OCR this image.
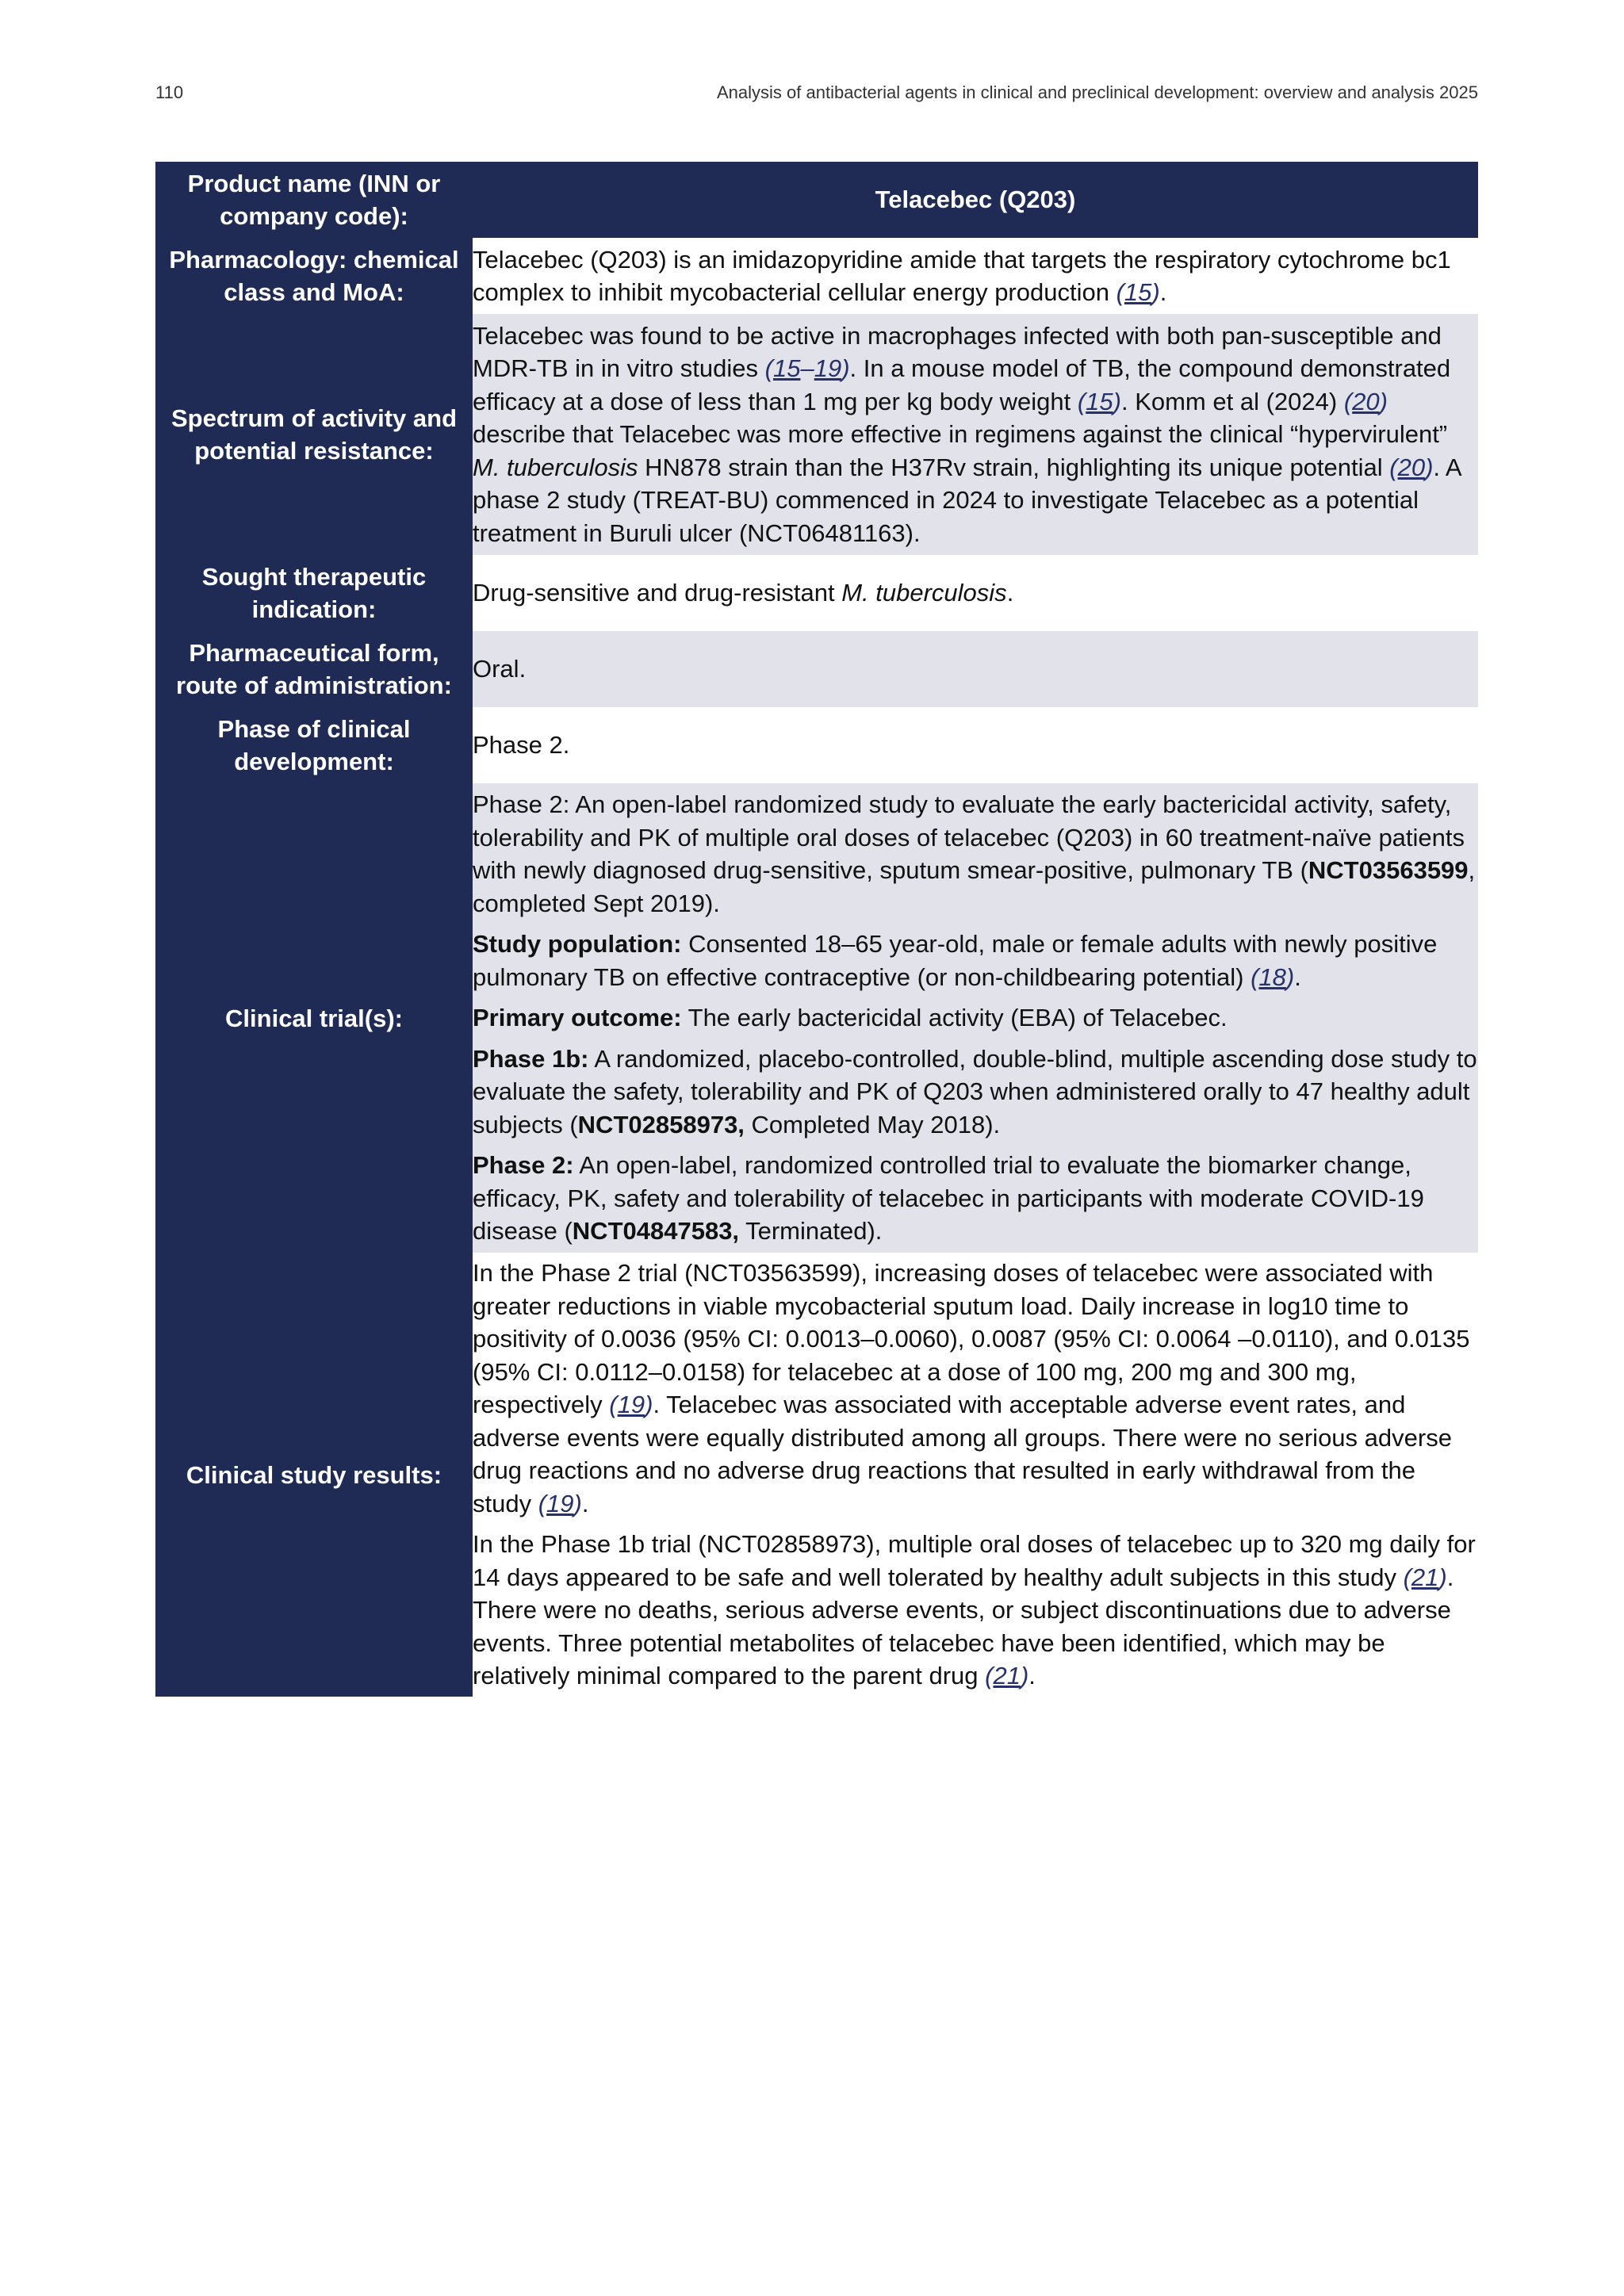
110	Analysis of antibacterial agents in clinical and preclinical development: overview and analysis 2025
Product name (INN or company code):	Telacebec (Q203)
Pharmacology: chemical class and MoA:	Telacebec (Q203) is an imidazopyridine amide that targets the respiratory cytochrome bc1 complex to inhibit mycobacterial cellular energy production (15).
Spectrum of activity and potential resistance:	Telacebec was found to be active in macrophages infected with both pan-susceptible and MDR-TB in in vitro studies (15–19). In a mouse model of TB, the compound demonstrated efficacy at a dose of less than 1 mg per kg body weight (15). Komm et al (2024) (20) describe that Telacebec was more effective in regimens against the clinical “hypervirulent” M. tuberculosis HN878 strain than the H37Rv strain, highlighting its unique potential (20). A phase 2 study (TREAT-BU) commenced in 2024 to investigate Telacebec as a potential treatment in Buruli ulcer (NCT06481163).
Sought therapeutic indication:	Drug-sensitive and drug-resistant M. tuberculosis.
Pharmaceutical form, route of administration:	Oral.
Phase of clinical development:	Phase 2.
Clinical trial(s):	Phase 2: An open-label randomized study to evaluate the early bactericidal activity, safety, tolerability and PK of multiple oral doses of telacebec (Q203) in 60 treatment-naïve patients with newly diagnosed drug-sensitive, sputum smear-positive, pulmonary TB (NCT03563599, completed Sept 2019).

Study population: Consented 18–65 year-old, male or female adults with newly positive pulmonary TB on effective contraceptive (or non-childbearing potential) (18).

Primary outcome: The early bactericidal activity (EBA) of Telacebec.

Phase 1b: A randomized, placebo-controlled, double-blind, multiple ascending dose study to evaluate the safety, tolerability and PK of Q203 when administered orally to 47 healthy adult subjects (NCT02858973, Completed May 2018).

Phase 2: An open-label, randomized controlled trial to evaluate the biomarker change, efficacy, PK, safety and tolerability of telacebec in participants with moderate COVID-19 disease (NCT04847583, Terminated).

Clinical study results:	In the Phase 2 trial (NCT03563599), increasing doses of telacebec were associated with greater reductions in viable mycobacterial sputum load. Daily increase in log10 time to positivity of 0.0036 (95% CI: 0.0013–0.0060), 0.0087 (95% CI: 0.0064 –0.0110), and 0.0135 (95% CI: 0.0112–0.0158) for telacebec at a dose of 100 mg, 200 mg and 300 mg, respectively (19). Telacebec was associated with acceptable adverse event rates, and adverse events were equally distributed among all groups. There were no serious adverse drug reactions and no adverse drug reactions that resulted in early withdrawal from the study (19).

In the Phase 1b trial (NCT02858973), multiple oral doses of telacebec up to 320 mg daily for 14 days appeared to be safe and well tolerated by healthy adult subjects in this study (21). There were no deaths, serious adverse events, or subject discontinuations due to adverse events. Three potential metabolites of telacebec have been identified, which may be relatively minimal compared to the parent drug (21).
